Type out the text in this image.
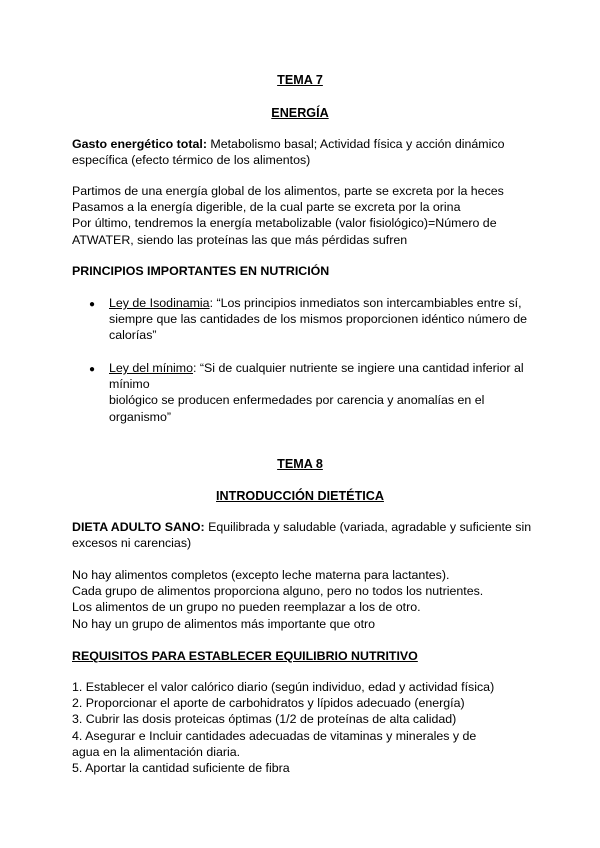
TEMA 7
ENERGÍA
Gasto energético total: Metabolismo basal; Actividad física y acción dinámico
específica (efecto térmico de los alimentos)
Partimos de una energía global de los alimentos, parte se excreta por la heces
Pasamos a la energía digerible, de la cual parte se excreta por la orina
Por último, tendremos la energía metabolizable (valor fisiológico)=Número de
ATWATER, siendo las proteínas las que más pérdidas sufren
PRINCIPIOS IMPORTANTES EN NUTRICIÓN
● Ley de Isodinamia: “Los principios inmediatos son intercambiables entre sí,
siempre que las cantidades de los mismos proporcionen idéntico número de
calorías”
● Ley del mínimo: “Si de cualquier nutriente se ingiere una cantidad inferior al
mínimo
biológico se producen enfermedades por carencia y anomalías en el
organismo”
TEMA 8
INTRODUCCIÓN DIETÉTICA
DIETA ADULTO SANO: Equilibrada y saludable (variada, agradable y suficiente sin
excesos ni carencias)
No hay alimentos completos (excepto leche materna para lactantes).
Cada grupo de alimentos proporciona alguno, pero no todos los nutrientes.
Los alimentos de un grupo no pueden reemplazar a los de otro.
No hay un grupo de alimentos más importante que otro
REQUISITOS PARA ESTABLECER EQUILIBRIO NUTRITIVO
1. Establecer el valor calórico diario (según individuo, edad y actividad física)
2. Proporcionar el aporte de carbohidratos y lípidos adecuado (energía)
3. Cubrir las dosis proteicas óptimas (1/2 de proteínas de alta calidad)
4. Asegurar e Incluir cantidades adecuadas de vitaminas y minerales y de
agua en la alimentación diaria.
5. Aportar la cantidad suficiente de fibra
